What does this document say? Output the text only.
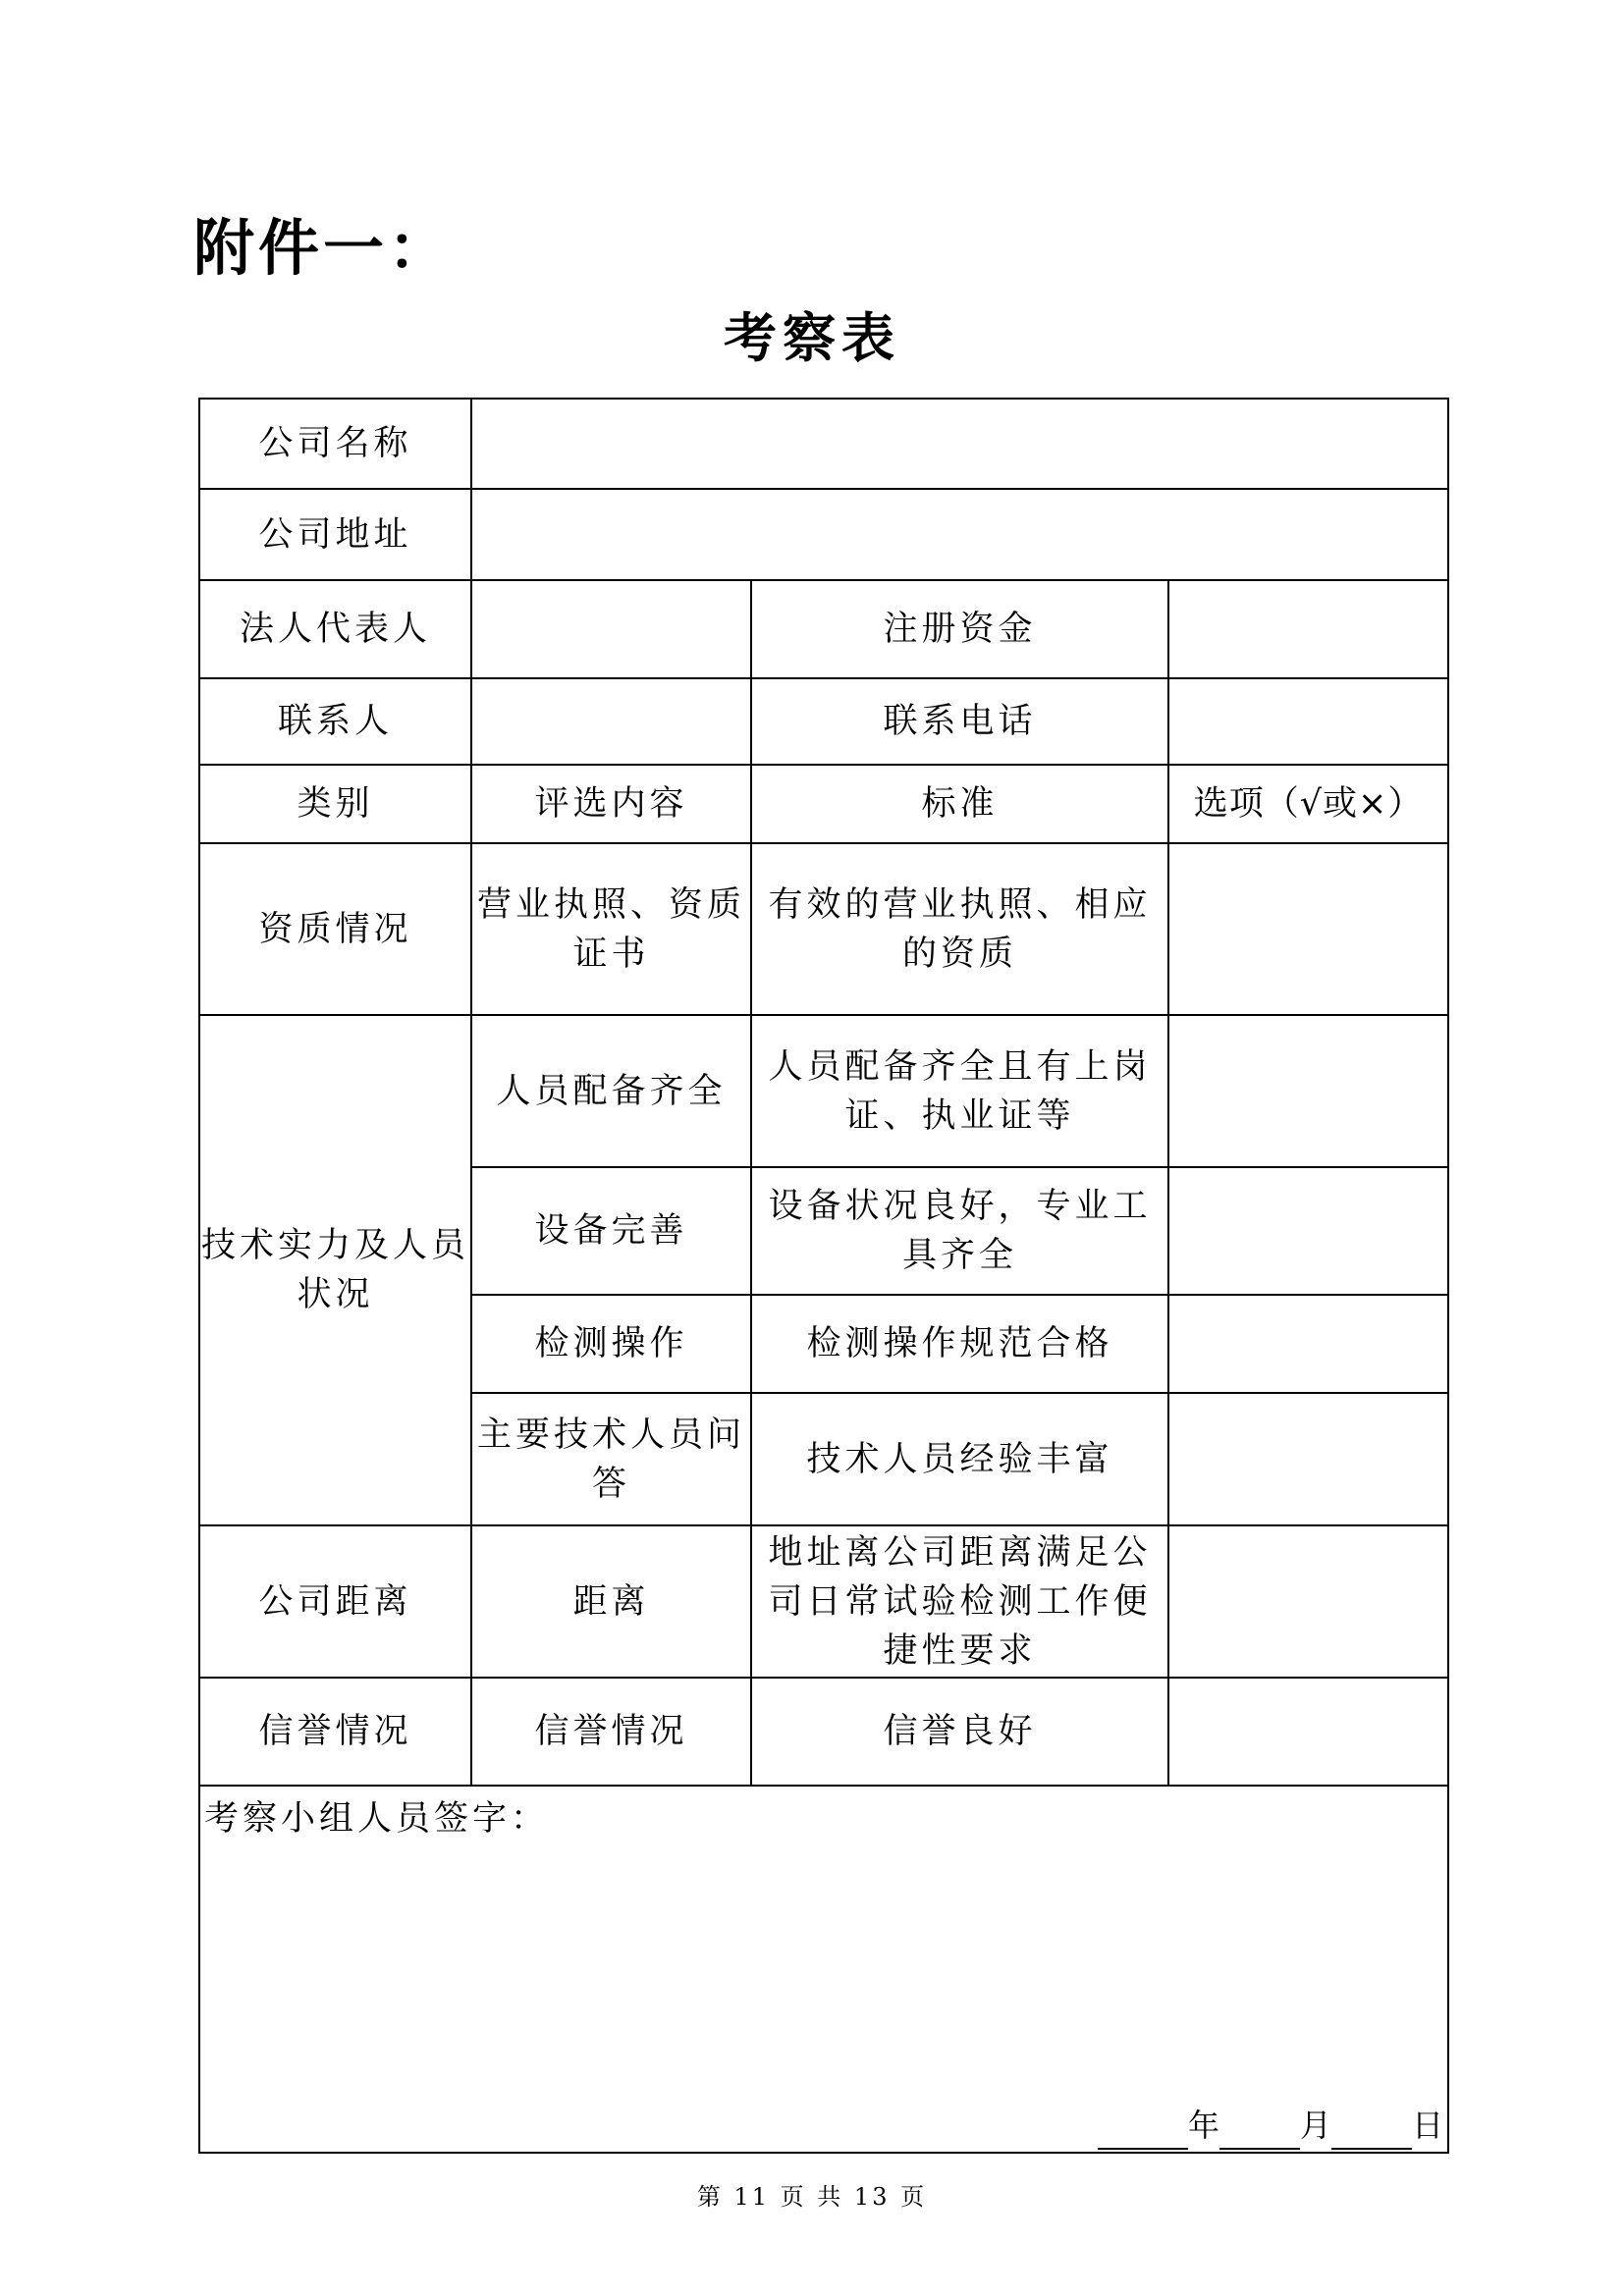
附件一：
考察表
公司名称			
公司地址			
法人代表人		注册资金	
联系人		联系电话	
类别	评选内容	标准	选项（√或×）
资质情况	营业执照、资质证书	有效的营业执照、相应的资质	
技术实力及人员状况	人员配备齐全	人员配备齐全且有上岗证、执业证等	
	设备完善	设备状况良好，专业工具齐全	
	检测操作	检测操作规范合格	
	主要技术人员问答	技术人员经验丰富	
公司距离	距离	地址离公司距离满足公司日常试验检测工作便捷性要求	
信誉情况	信誉情况	信誉良好	

考察小组人员签字：
年 月 日			
第 11 页 共 13 页
